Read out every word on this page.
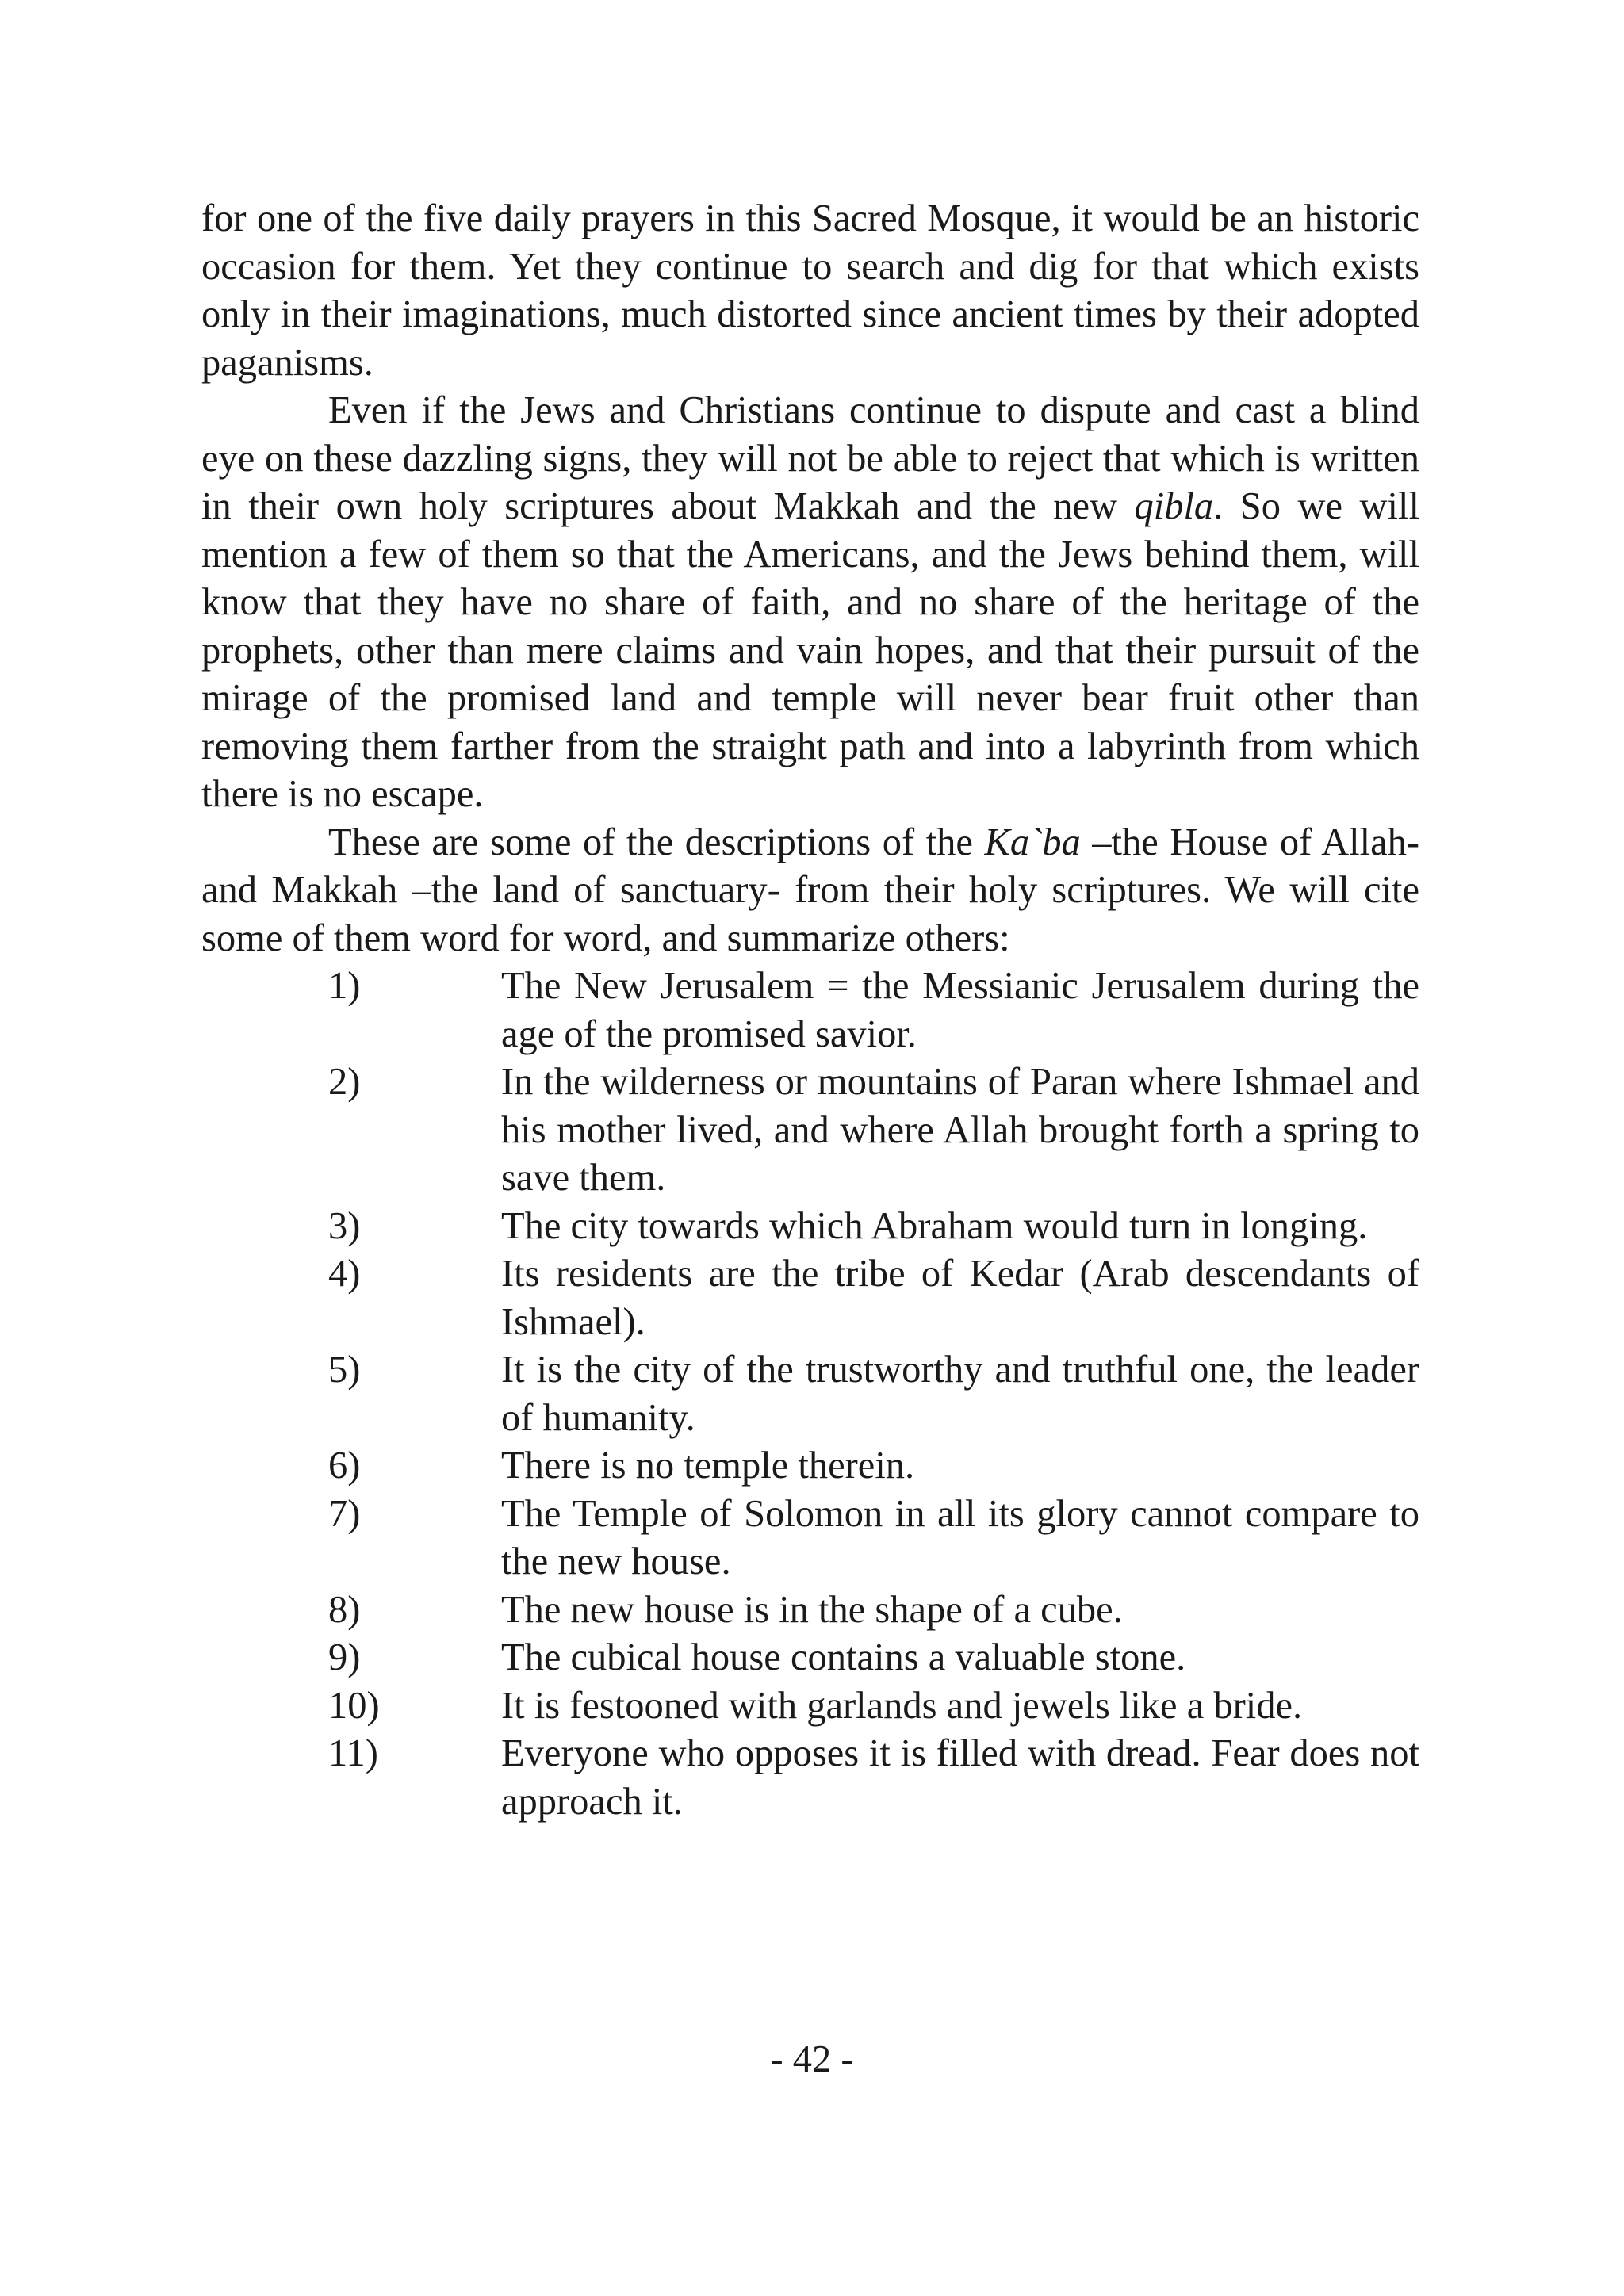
for one of the five daily prayers in this Sacred Mosque, it would be an historic occasion for them. Yet they continue to search and dig for that which exists only in their imaginations, much distorted since ancient times by their adopted paganisms.

Even if the Jews and Christians continue to dispute and cast a blind eye on these dazzling signs, they will not be able to reject that which is written in their own holy scriptures about Makkah and the new qibla. So we will mention a few of them so that the Americans, and the Jews behind them, will know that they have no share of faith, and no share of the heritage of the prophets, other than mere claims and vain hopes, and that their pursuit of the mirage of the promised land and temple will never bear fruit other than removing them farther from the straight path and into a labyrinth from which there is no escape.

These are some of the descriptions of the Ka`ba –the House of Allah- and Makkah –the land of sanctuary- from their holy scriptures. We will cite some of them word for word, and summarize others:

1)	The New Jerusalem = the Messianic Jerusalem during the age of the promised savior.
2)	In the wilderness or mountains of Paran where Ishmael and his mother lived, and where Allah brought forth a spring to save them.
3)	The city towards which Abraham would turn in longing.
4)	Its residents are the tribe of Kedar (Arab descendants of Ishmael).
5)	It is the city of the trustworthy and truthful one, the leader of humanity.
6)	There is no temple therein.
7)	The Temple of Solomon in all its glory cannot compare to the new house.
8)	The new house is in the shape of a cube.
9)	The cubical house contains a valuable stone.
10)	It is festooned with garlands and jewels like a bride.
11)	Everyone who opposes it is filled with dread. Fear does not approach it.
- 42 -
